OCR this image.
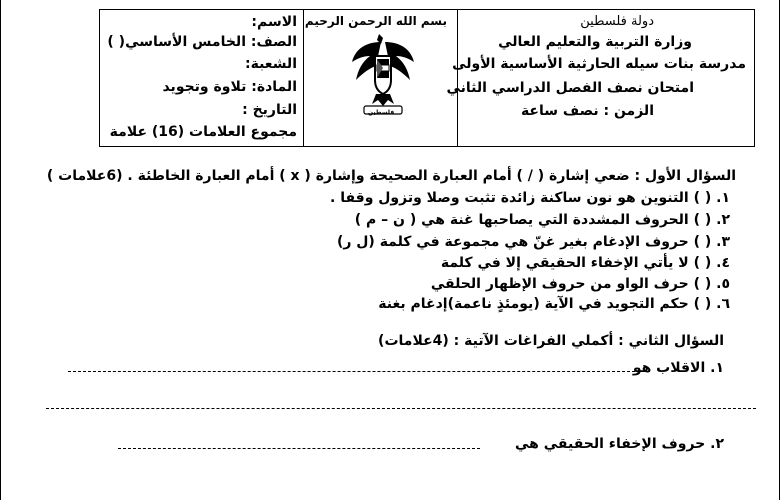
الاسم:
الصف: الخامس الأساسي( )
الشعبة:
المادة: تلاوة وتجويد
التاريخ :
مجموع العلامات (16) علامة
بسم الله الرحمن الرحيم
فلسطين
دولة فلسطين
وزارة التربية والتعليم العالي
مدرسة بنات سيله الحارثية الأساسية الأولى
امتحان نصف الفصل الدراسي الثاني
الزمن : نصف ساعة
السؤال الأول : ضعي إشارة ( / ) أمام العبارة الصحيحة وإشارة ( x ) أمام العبارة الخاطئة . (6علامات )
١. ( ) التنوين هو نون ساكنة زائدة تثبت وصلا وتزول وقفا .
٢. ( ) الحروف المشددة التي يصاحبها غنة هي ( ن – م )
٣. ( ) حروف الإدغام بغير غنّ هي مجموعة في كلمة (ل ر)
٤. ( ) لا يأتي الإخفاء الحقيقي إلا في كلمة
٥. ( ) حرف الواو من حروف الإظهار الحلقي
٦. ( ) حكم التجويد في الآية (يومئذٍ ناعمة)إدغام بغنة
السؤال الثاني : أكملي الفراغات الآتية : (4علامات)
١. الاقلاب هو
٢. حروف الإخفاء الحقيقي هي
